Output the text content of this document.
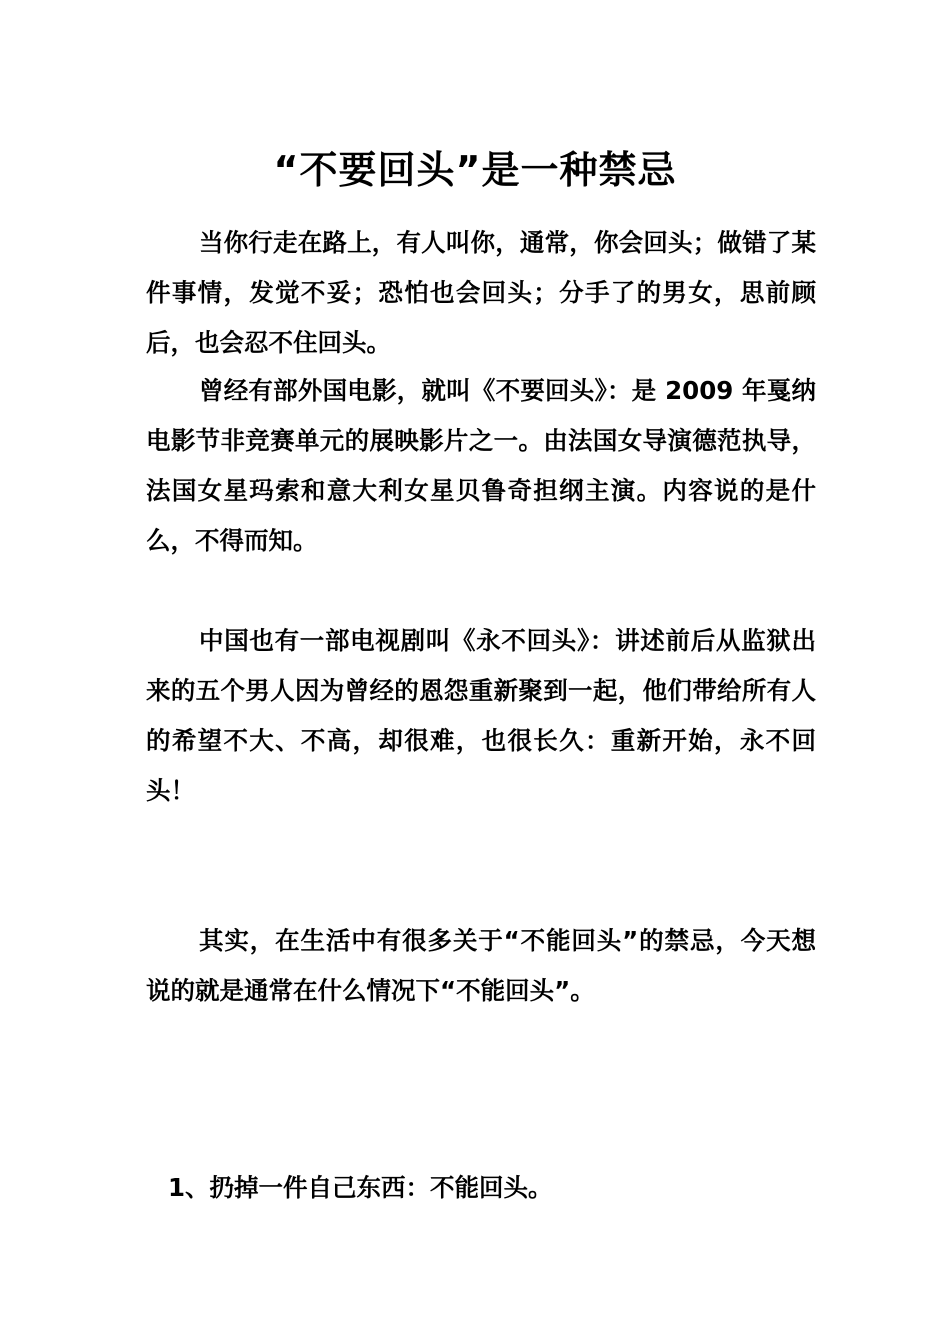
“不要回头”是一种禁忌

当你行走在路上，有人叫你，通常，你会回头；做错了某件事情，发觉不妥；恐怕也会回头；分手了的男女，思前顾后，也会忍不住回头。

曾经有部外国电影，就叫《不要回头》：是 2009 年戛纳电影节非竞赛单元的展映影片之一。由法国女导演德范执导，法国女星玛索和意大利女星贝鲁奇担纲主演。内容说的是什么，不得而知。

中国也有一部电视剧叫《永不回头》：讲述前后从监狱出来的五个男人因为曾经的恩怨重新聚到一起，他们带给所有人的希望不大、不高，却很难，也很长久：重新开始，永不回头！

其实，在生活中有很多关于“不能回头”的禁忌，今天想说的就是通常在什么情况下“不能回头”。

1、扔掉一件自己东西：不能回头。
